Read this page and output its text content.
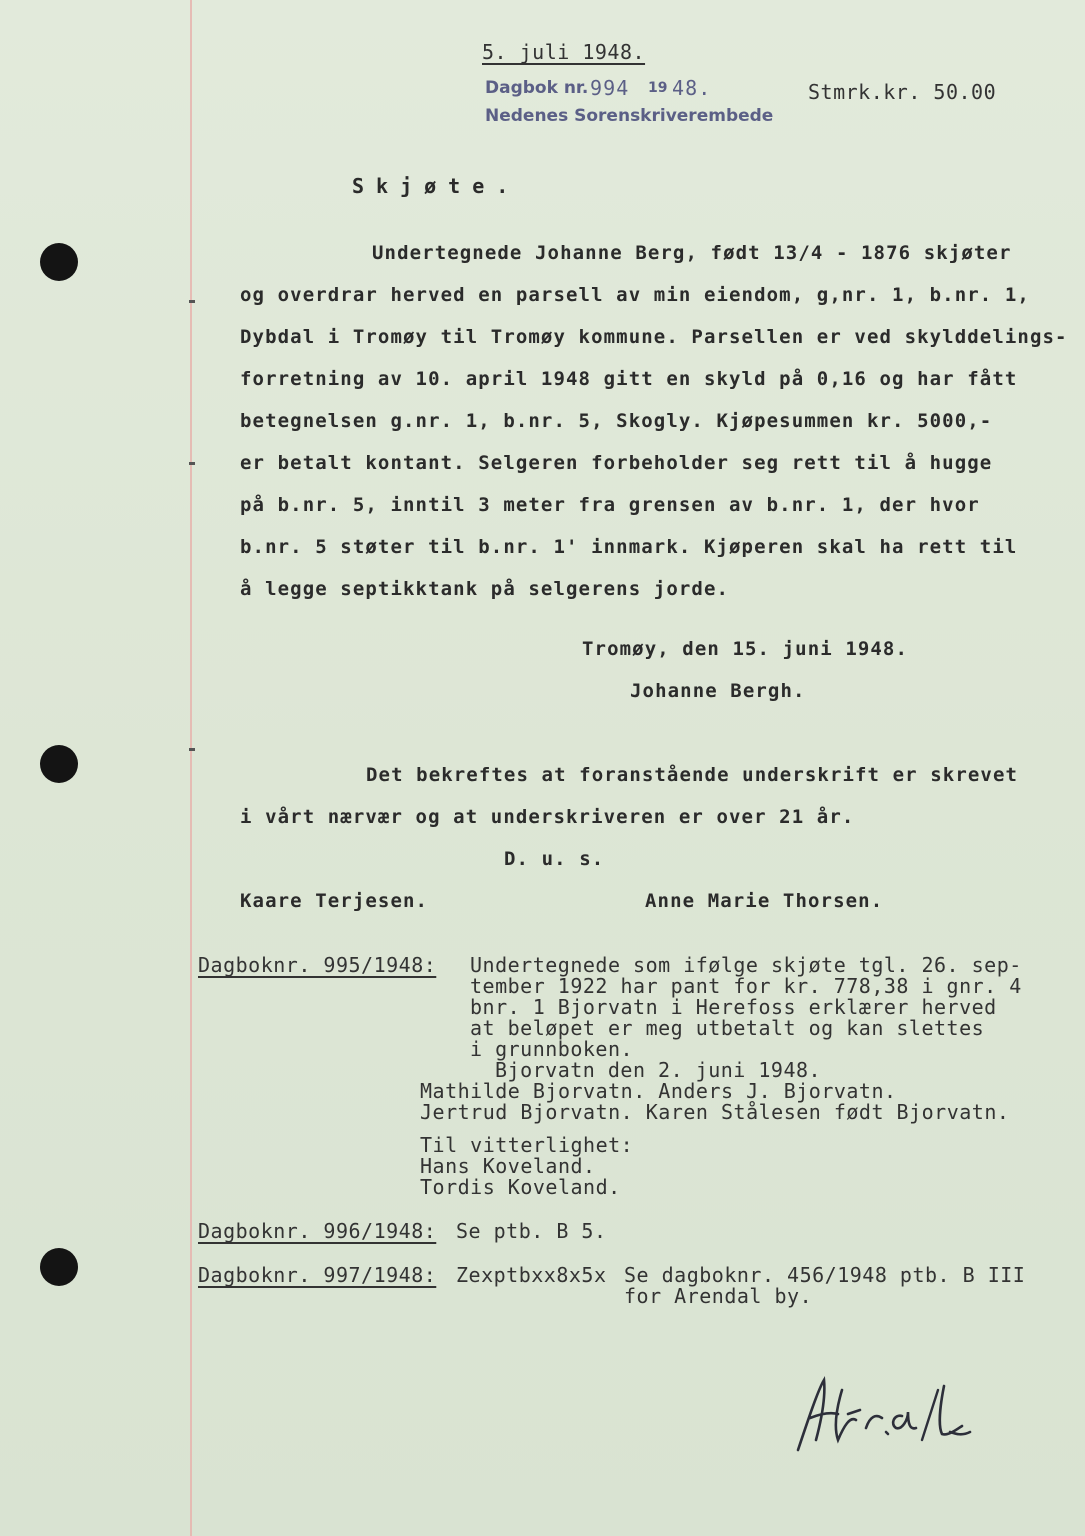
5. juli 1948.
Dagbok nr. 994 19 48.
Nedenes Sorenskriverembede
Stmrk.kr. 50.00
Skjøte.
Undertegnede Johanne Berg, født 13/4 - 1876 skjøter
og overdrar herved en parsell av min eiendom, g,nr. 1, b.nr. 1,
Dybdal i Tromøy til Tromøy kommune. Parsellen er ved skylddelings-
forretning av 10. april 1948 gitt en skyld på 0,16 og har fått
betegnelsen g.nr. 1, b.nr. 5, Skogly. Kjøpesummen kr. 5000,-
er betalt kontant. Selgeren forbeholder seg rett til å hugge
på b.nr. 5, inntil 3 meter fra grensen av b.nr. 1, der hvor
b.nr. 5 støter til b.nr. 1' innmark. Kjøperen skal ha rett til
å legge septikktank på selgerens jorde.
Tromøy, den 15. juni 1948.
Johanne Bergh.
Det bekreftes at foranstående underskrift er skrevet
i vårt nærvær og at underskriveren er over 21 år.
D. u. s.
Kaare Terjesen.	Anne Marie Thorsen.
Dagboknr. 995/1948: Undertegnede som ifølge skjøte tgl. 26. sep-
tember 1922 har pant for kr. 778,38 i gnr. 4
bnr. 1 Bjorvatn i Herefoss erklærer herved
at beløpet er meg utbetalt og kan slettes
i grunnboken.
Bjorvatn den 2. juni 1948.
Mathilde Bjorvatn. Anders J. Bjorvatn.
Jertrud Bjorvatn. Karen Stålesen født Bjorvatn.
Til vitterlighet:
Hans Koveland.
Tordis Koveland.
Dagboknr. 996/1948: Se ptb. B 5.
Dagboknr. 997/1948: Zexptbxx8x5x Se dagboknr. 456/1948 ptb. B III
for Arendal by.
